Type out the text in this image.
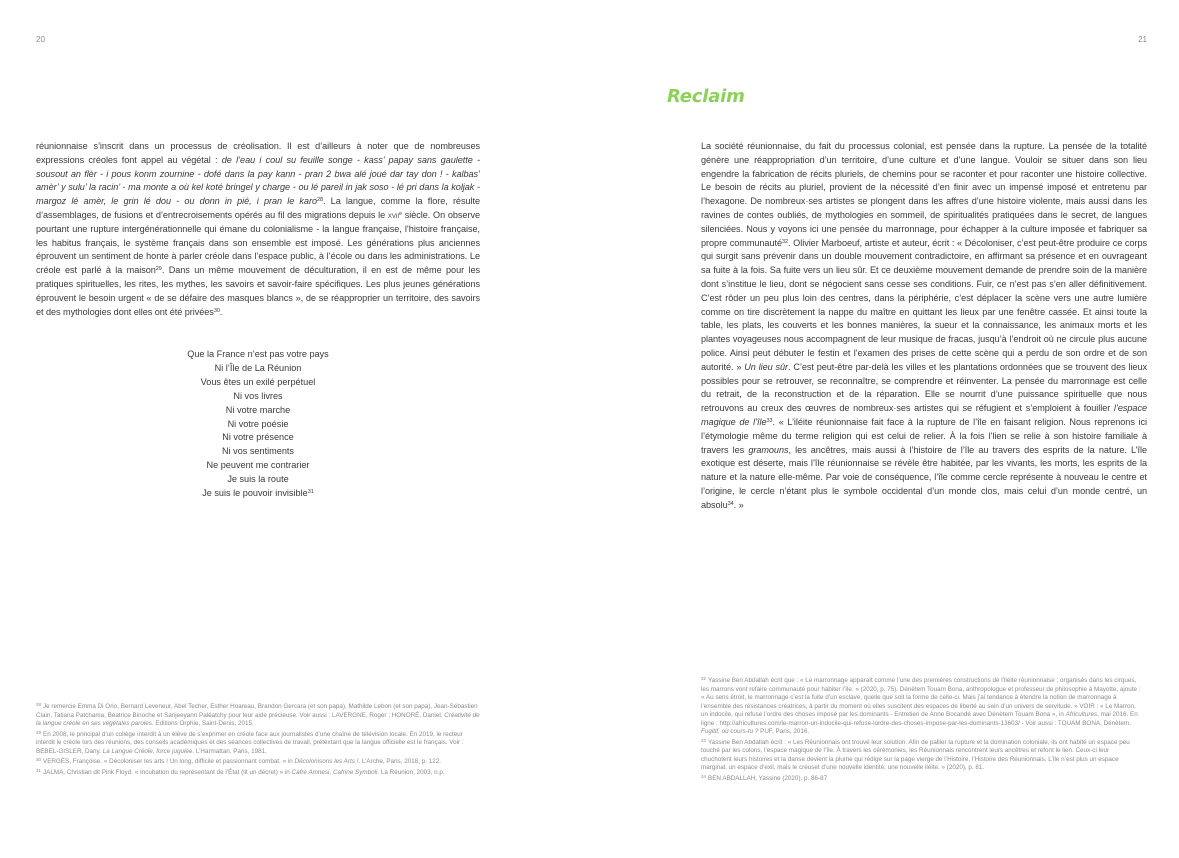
20

réunionnaise s’inscrit dans un processus de créolisation. Il est d’ailleurs à noter que de nombreuses expressions créoles font appel au végétal : de l’eau i coul su feuille songe - kass’ papay sans gaulette - sousout an flèr - i pous konm zournine - dofé dans la pay kann - pran 2 bwa alé joué dar tay don ! - kalbas’ amèr’ y sulu’ la racin’ - ma monte a où kel koté bringel y charge - ou lé pareil in jak soso - lé pri dans la koljak - margoz lé amèr, le grin lé dou - ou donn in pié, i pran le karo$^{28}$. La langue, comme la flore, résulte d’assemblages, de fusions et d’entrecroisements opérés au fil des migrations depuis le xvii$^e$ siècle. On observe pourtant une rupture intergénérationnelle qui émane du colonialisme - la langue française, l’histoire française, les habitus français, le système français dans son ensemble est imposé. Les générations plus anciennes éprouvent un sentiment de honte à parler créole dans l’espace public, à l’école ou dans les administrations. Le créole est parlé à la maison$^{29}$. Dans un même mouvement de déculturation, il en est de même pour les pratiques spirituelles, les rites, les mythes, les savoirs et savoir-faire spécifiques. Les plus jeunes générations éprouvent le besoin urgent « de se défaire des masques blancs », de se réapproprier un territoire, des savoirs et des mythologies dont elles ont été privées$^{30}$.

Que la France n’est pas votre pays
Ni l’Île de La Réunion
Vous êtes un exilé perpétuel
Ni vos livres
Ni votre marche
Ni votre poésie
Ni votre présence
Ni vos sentiments
Ne peuvent me contrarier
Je suis la route
Je suis le pouvoir invisible$^{31}$

$^{28}$ Je remercie Emma Di Orio, Bernard Leveneur, Abel Techer, Esther Hoareau, Brandon Gercara (et son papa), Mathilde Lebon (et son papa), Jean-Sébastien Clain, Tatiana Patchama, Béatrice Binoche et Sanjeeyann Paléatchy pour leur aide précieuse. Voir aussi : LAVERGNE, Roger ; HONORÉ, Daniel. Créativité de la langue créole en ses végétales paroles. Editions Orphie, Saint-Denis, 2015.

$^{29}$ En 2008, le principal d’un collège interdit à un élève de s’exprimer en créole face aux journalistes d’une chaîne de télévision locale. En 2019, le recteur interdit le créole lors des réunions, des conseils académiques et des séances collectives de travail, prétextant que la langue officielle est le français. Voir : BEBEL-GISLER, Dany. La Langue Créole, force jugulée. L’Harmattan, Paris, 1981.

$^{30}$ VERGÈS, Françoise. « Décoloniser les arts ! Un long, difficile et passionnant combat. » in Décolonisons les Arts !. L’Arche, Paris, 2018, p. 122.

$^{31}$ JALMA, Christian dit Pink Floyd. « Incubation du représentant de l’État (lit un décret) » in Cafre Amnesi, Cafrine Symboli. La Réunion, 2003, n.p.

21
Reclaim

La société réunionnaise, du fait du processus colonial, est pensée dans la rupture. La pensée de la totalité génère une réappropriation d’un territoire, d’une culture et d’une langue. Vouloir se situer dans son lieu engendre la fabrication de récits pluriels, de chemins pour se raconter et pour raconter une histoire collective. Le besoin de récits au pluriel, provient de la nécessité d’en finir avec un impensé imposé et entretenu par l’hexagone. De nombreux·ses artistes se plongent dans les affres d’une histoire violente, mais aussi dans les ravines de contes oubliés, de mythologies en sommeil, de spiritualités pratiquées dans le secret, de langues silenciées. Nous y voyons ici une pensée du marronnage, pour échapper à la culture imposée et fabriquer sa propre communauté$^{32}$. Olivier Marboeuf, artiste et auteur, écrit : « Décoloniser, c’est peut-être produire ce corps qui surgit sans prévenir dans un double mouvement contradictoire, en affirmant sa présence et en ouvrageant sa fuite à la fois. Sa fuite vers un lieu sûr. Et ce deuxième mouvement demande de prendre soin de la manière dont s’institue le lieu, dont se négocient sans cesse ses conditions. Fuir, ce n’est pas s’en aller définitivement. C’est rôder un peu plus loin des centres, dans la périphérie, c’est déplacer la scène vers une autre lumière comme on tire discrètement la nappe du maître en quittant les lieux par une fenêtre cassée. Et ainsi toute la table, les plats, les couverts et les bonnes manières, la sueur et la connaissance, les animaux morts et les plantes voyageuses nous accompagnent de leur musique de fracas, jusqu’à l’endroit où ne circule plus aucune police. Ainsi peut débuter le festin et l’examen des prises de cette scène qui a perdu de son ordre et de son autorité. » Un lieu sûr. C’est peut-être par-delà les villes et les plantations ordonnées que se trouvent des lieux possibles pour se retrouver, se reconnaître, se comprendre et réinventer. La pensée du marronnage est celle du retrait, de la reconstruction et de la réparation. Elle se nourrit d’une puissance spirituelle que nous retrouvons au creux des œuvres de nombreux·ses artistes qui se réfugient et s’emploient à fouiller l’espace magique de l’île$^{33}$. « L’iléite réunionnaise fait face à la rupture de l’île en faisant religion. Nous reprenons ici l’étymologie même du terme religion qui est celui de relier. À la fois l’lien se relie à son histoire familiale à travers les gramouns, les ancêtres, mais aussi à l’histoire de l’île au travers des esprits de la nature. L’île exotique est déserte, mais l’île réunionnaise se révèle être habitée, par les vivants, les morts, les esprits de la nature et la nature elle-même. Par voie de conséquence, l’île comme cercle représente à nouveau le centre et l’origine, le cercle n’étant plus le symbole occidental d’un monde clos, mais celui d’un monde centré, un absolu$^{34}$. »

$^{32}$ Yassine Ben Abdallah écrit que : « Le marronnage apparaît comme l’une des premières constructions de l’iléite réunionnaise ; organisés dans les cirques, les marrons vont refaire communauté pour habiter l’île. » (2020, p. 75). Dénètem Touam Bona, anthropologue et professeur de philosophie à Mayotte, ajoute : « Au sens étroit, le marronnage c’est la fuite d’un esclave, quelle que soit la forme de celle-ci. Mais j’ai tendance à étendre la notion de marronnage à l’ensemble des résistances créatrices, à partir du moment où elles suscitent des espaces de liberté au sein d’un univers de servitude. » VOIR : « Le Marron, un indocile, qui refuse l’ordre des choses imposé par les dominants - Entretien de Anne Bocandé avec Dénètem Touam Bona », in Africultures, mai 2016. En ligne : http://africultures.com/le-marron-un-indocile-qui-refuse-lordre-des-choses-impose-par-les-dominants-13603/ - Voir aussi : TOUAM BONA, Dénètem. Fugitif, où cours-tu ? PUF, Paris, 2016.

$^{33}$ Yassine Ben Abdallah écrit : « Les Réunionnais ont trouvé leur solution. Afin de pallier la rupture et la domination coloniale, ils ont habité un espace peu touché par les colons, l’espace magique de l’île. À travers les cérémonies, les Réunionnais rencontrent leurs ancêtres et refont le lien. Ceux-ci leur chuchotent leurs histoires et la danse devient la plume qui rédige sur la page vierge de l’Histoire, l’Histoire des Réunionnais. L’île n’est plus un espace marginal, un espace d’exil, mais le creuset d’une nouvelle identité, une nouvelle iléite. » (2020), p. 81.

$^{34}$ BEN ABDALLAH, Yassine (2020), p. 86-87
